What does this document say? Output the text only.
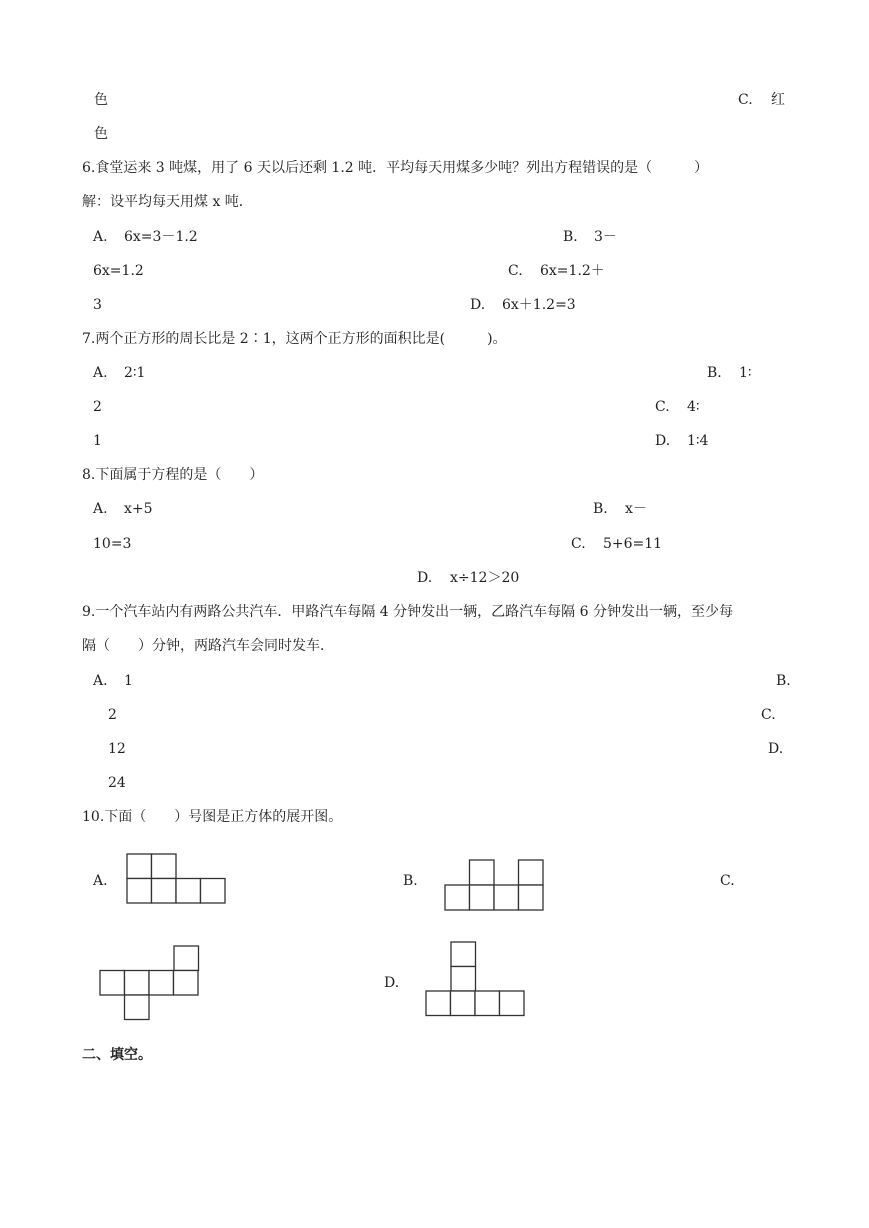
色	C. 红
色
6.食堂运来 3 吨煤，用了 6 天以后还剩 1.2 吨．平均每天用煤多少吨？列出方程错误的是（　　　）
解：设平均每天用煤 x 吨．
A. 6x=3－1.2	B. 3－
6x=1.2	C. 6x=1.2＋
3	D. 6x＋1.2=3
7.两个正方形的周长比是 2∶1，这两个正方形的面积比是(　　　)。
A. 2∶1	B. 1∶
2	C. 4∶
1	D. 1∶4
8.下面属于方程的是（　　）
A. x+5	B. x－
10=3	C. 5+6=11
D. x÷12＞20
9.一个汽车站内有两路公共汽车．甲路汽车每隔 4 分钟发出一辆，乙路汽车每隔 6 分钟发出一辆，至少每
隔（　　）分钟，两路汽车会同时发车．
A. 1	B.
2	C.
12	D.
24
10.下面（　　）号图是正方体的展开图。
A.	B.	C.
D.
二、填空。
